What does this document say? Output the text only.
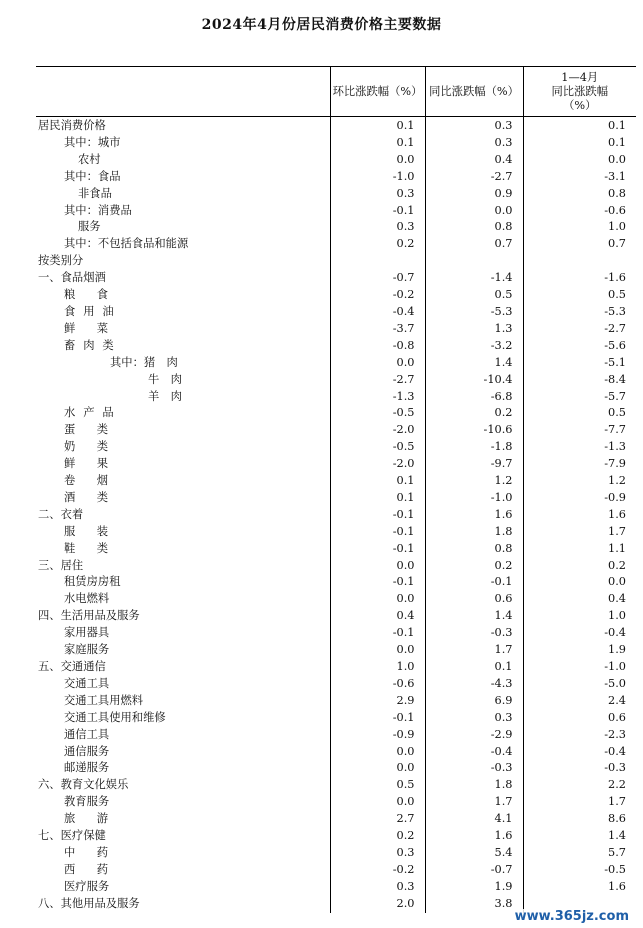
2024年4月份居民消费价格主要数据
	环比涨跌幅（%）	同比涨跌幅（%）	1—4月
同比涨跌幅
（%）

居民消费价格	0.1	0.3	0.1
其中：城市	0.1	0.3	0.1
农村	0.0	0.4	0.0
其中：食品	-1.0	-2.7	-3.1
非食品	0.3	0.9	0.8
其中：消费品	-0.1	0.0	-0.6
服务	0.3	0.8	1.0
其中：不包括食品和能源	0.2	0.7	0.7
按类别分			
一、食品烟酒	-0.7	-1.4	-1.6
粮食	-0.2	0.5	0.5
食用油	-0.4	-5.3	-5.3
鲜菜	-3.7	1.3	-2.7
畜肉类	-0.8	-3.2	-5.6
其中：猪　肉	0.0	1.4	-5.1
牛　肉	-2.7	-10.4	-8.4
羊　肉	-1.3	-6.8	-5.7
水产品	-0.5	0.2	0.5
蛋类	-2.0	-10.6	-7.7
奶类	-0.5	-1.8	-1.3
鲜果	-2.0	-9.7	-7.9
卷烟	0.1	1.2	1.2
酒类	0.1	-1.0	-0.9
二、衣着	-0.1	1.6	1.6
服装	-0.1	1.8	1.7
鞋类	-0.1	0.8	1.1
三、居住	0.0	0.2	0.2
租赁房房租	-0.1	-0.1	0.0
水电燃料	0.0	0.6	0.4
四、生活用品及服务	0.4	1.4	1.0
家用器具	-0.1	-0.3	-0.4
家庭服务	0.0	1.7	1.9
五、交通通信	1.0	0.1	-1.0
交通工具	-0.6	-4.3	-5.0
交通工具用燃料	2.9	6.9	2.4
交通工具使用和维修	-0.1	0.3	0.6
通信工具	-0.9	-2.9	-2.3
通信服务	0.0	-0.4	-0.4
邮递服务	0.0	-0.3	-0.3
六、教育文化娱乐	0.5	1.8	2.2
教育服务	0.0	1.7	1.7
旅游	2.7	4.1	8.6
七、医疗保健	0.2	1.6	1.4
中药	0.3	5.4	5.7
西药	-0.2	-0.7	-0.5
医疗服务	0.3	1.9	1.6
八、其他用品及服务	2.0	3.8	
www.365jz.com
